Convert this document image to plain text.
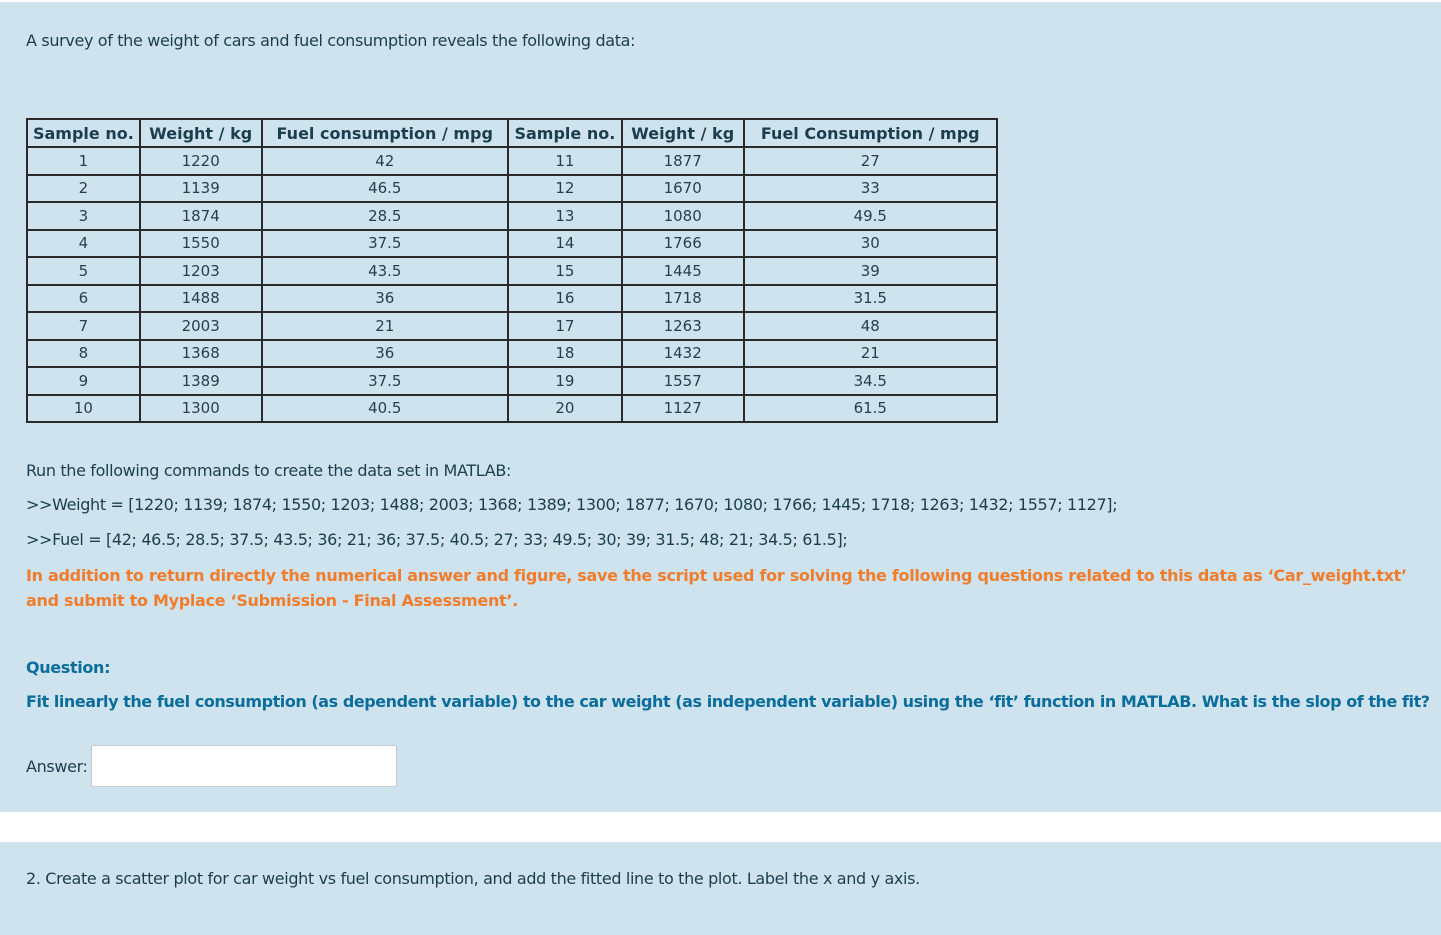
A survey of the weight of cars and fuel consumption reveals the following data:
Sample no.	Weight / kg	Fuel consumption / mpg	Sample no.	Weight / kg	Fuel Consumption / mpg
1	1220	42	11	1877	27
2	1139	46.5	12	1670	33
3	1874	28.5	13	1080	49.5
4	1550	37.5	14	1766	30
5	1203	43.5	15	1445	39
6	1488	36	16	1718	31.5
7	2003	21	17	1263	48
8	1368	36	18	1432	21
9	1389	37.5	19	1557	34.5
10	1300	40.5	20	1127	61.5
Run the following commands to create the data set in MATLAB:
>>Weight = [1220; 1139; 1874; 1550; 1203; 1488; 2003; 1368; 1389; 1300; 1877; 1670; 1080; 1766; 1445; 1718; 1263; 1432; 1557; 1127];
>>Fuel = [42; 46.5; 28.5; 37.5; 43.5; 36; 21; 36; 37.5; 40.5; 27; 33; 49.5; 30; 39; 31.5; 48; 21; 34.5; 61.5];
In addition to return directly the numerical answer and figure, save the script used for solving the following questions related to this data as ‘Car_weight.txt’ and submit to Myplace ‘Submission - Final Assessment’.
Question:
Fit linearly the fuel consumption (as dependent variable) to the car weight (as independent variable) using the ‘fit’ function in MATLAB. What is the slop of the fit?
Answer:
2. Create a scatter plot for car weight vs fuel consumption, and add the fitted line to the plot. Label the x and y axis.
